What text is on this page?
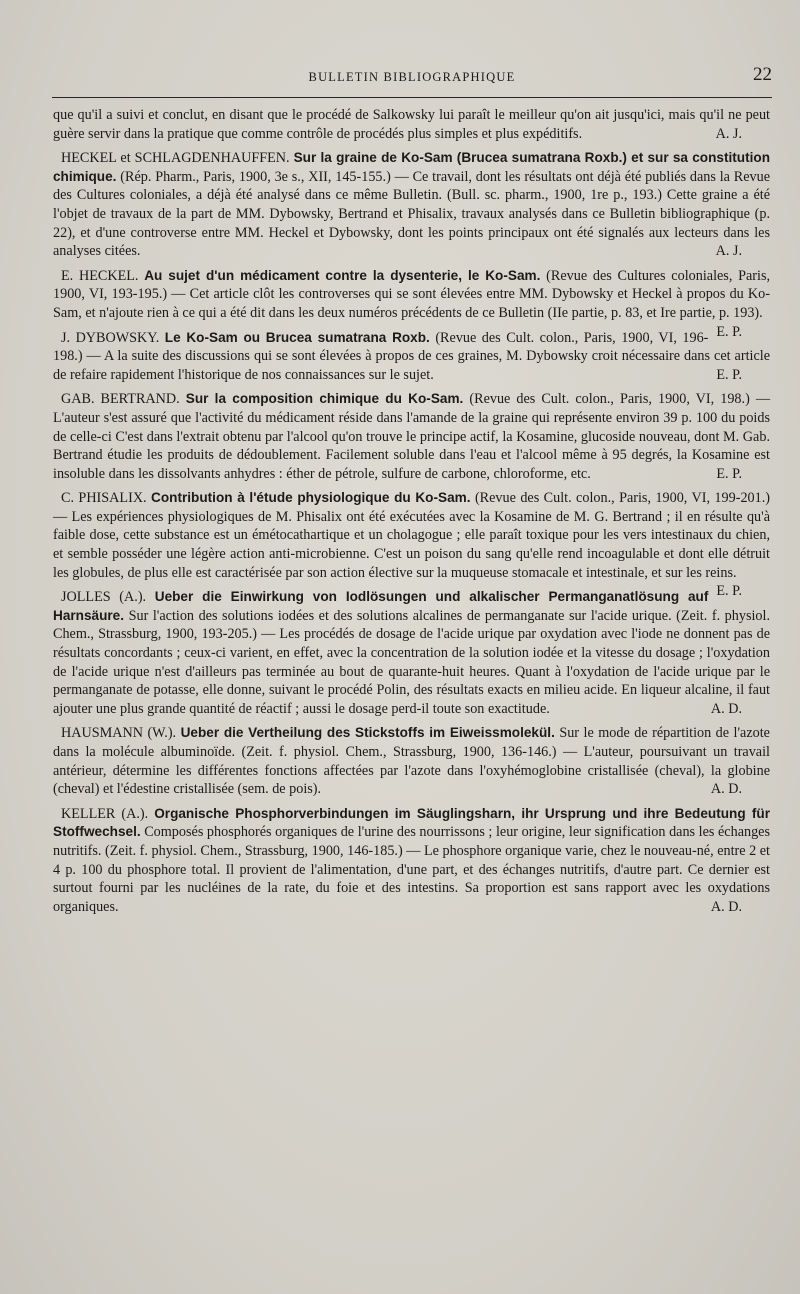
BULLETIN BIBLIOGRAPHIQUE	22

que qu'il a suivi et conclut, en disant que le procédé de Salkowsky lui paraît le meilleur qu'on ait jusqu'ici, mais qu'il ne peut guère servir dans la pratique que comme contrôle de procédés plus simples et plus expéditifs.	A. J.

HECKEL et SCHLAGDENHAUFFEN. Sur la graine de Ko-Sam (Brucea sumatrana Roxb.) et sur sa constitution chimique. (Rép. Pharm., Paris, 1900, 3e s., XII, 145-155.) — Ce travail, dont les résultats ont déjà été publiés dans la Revue des Cultures coloniales, a déjà été analysé dans ce même Bulletin. (Bull. sc. pharm., 1900, 1re p., 193.) Cette graine a été l'objet de travaux de la part de MM. Dybowsky, Bertrand et Phisalix, travaux analysés dans ce Bulletin bibliographique (p. 22), et d'une controverse entre MM. Heckel et Dybowsky, dont les points principaux ont été signalés aux lecteurs dans les analyses citées.	A. J.

E. HECKEL. Au sujet d'un médicament contre la dysenterie, le Ko-Sam. (Revue des Cultures coloniales, Paris, 1900, VI, 193-195.) — Cet article clôt les controverses qui se sont élevées entre MM. Dybowsky et Heckel à propos du Ko-Sam, et n'ajoute rien à ce qui a été dit dans les deux numéros précédents de ce Bulletin (IIe partie, p. 83, et Ire partie, p. 193).
E. P.

J. DYBOWSKY. Le Ko-Sam ou Brucea sumatrana Roxb. (Revue des Cult. colon., Paris, 1900, VI, 196-198.) — A la suite des discussions qui se sont élevées à propos de ces graines, M. Dybowsky croit nécessaire dans cet article de refaire rapidement l'historique de nos connaissances sur le sujet.	E. P.

GAB. BERTRAND. Sur la composition chimique du Ko-Sam. (Revue des Cult. colon., Paris, 1900, VI, 198.) — L'auteur s'est assuré que l'activité du médicament réside dans l'amande de la graine qui représente environ 39 p. 100 du poids de celle-ci C'est dans l'extrait obtenu par l'alcool qu'on trouve le principe actif, la Kosamine, glucoside nouveau, dont M. Gab. Bertrand étudie les produits de dédoublement. Facilement soluble dans l'eau et l'alcool même à 95 degrés, la Kosamine est insoluble dans les dissolvants anhydres : éther de pétrole, sulfure de carbone, chloroforme, etc.	E. P.

C. PHISALIX. Contribution à l'étude physiologique du Ko-Sam. (Revue des Cult. colon., Paris, 1900, VI, 199-201.) — Les expériences physiologiques de M. Phisalix ont été exécutées avec la Kosamine de M. G. Bertrand ; il en résulte qu'à faible dose, cette substance est un émétocathartique et un cholagogue ; elle paraît toxique pour les vers intestinaux du chien, et semble posséder une légère action anti-microbienne. C'est un poison du sang qu'elle rend incoagulable et dont elle détruit les globules, de plus elle est caractérisée par son action élective sur la muqueuse stomacale et intestinale, et sur les reins.
E. P.

JOLLES (A.). Ueber die Einwirkung von Iodlösungen und alkalischer Permanganatlösung auf Harnsäure. Sur l'action des solutions iodées et des solutions alcalines de permanganate sur l'acide urique. (Zeit. f. physiol. Chem., Strassburg, 1900, 193-205.) — Les procédés de dosage de l'acide urique par oxydation avec l'iode ne donnent pas de résultats concordants ; ceux-ci varient, en effet, avec la concentration de la solution iodée et la vitesse du dosage ; l'oxydation de l'acide urique n'est d'ailleurs pas terminée au bout de quarante-huit heures. Quant à l'oxydation de l'acide urique par le permanganate de potasse, elle donne, suivant le procédé Polin, des résultats exacts en milieu acide. En liqueur alcaline, il faut ajouter une plus grande quantité de réactif ; aussi le dosage perd-il toute son exactitude.	A. D.

HAUSMANN (W.). Ueber die Vertheilung des Stickstoffs im Eiweissmolekül. Sur le mode de répartition de l'azote dans la molécule albuminoïde. (Zeit. f. physiol. Chem., Strassburg, 1900, 136-146.) — L'auteur, poursuivant un travail antérieur, détermine les différentes fonctions affectées par l'azote dans l'oxyhémoglobine cristallisée (cheval), la globine (cheval) et l'édestine cristallisée (sem. de pois).	A. D.

KELLER (A.). Organische Phosphorverbindungen im Säuglingsharn, ihr Ursprung und ihre Bedeutung für Stoffwechsel. Composés phosphorés organiques de l'urine des nourrissons ; leur origine, leur signification dans les échanges nutritifs. (Zeit. f. physiol. Chem., Strassburg, 1900, 146-185.) — Le phosphore organique varie, chez le nouveau-né, entre 2 et 4 p. 100 du phosphore total. Il provient de l'alimentation, d'une part, et des échanges nutritifs, d'autre part. Ce dernier est surtout fourni par les nucléines de la rate, du foie et des intestins. Sa proportion est sans rapport avec les oxydations organiques.	A. D.
